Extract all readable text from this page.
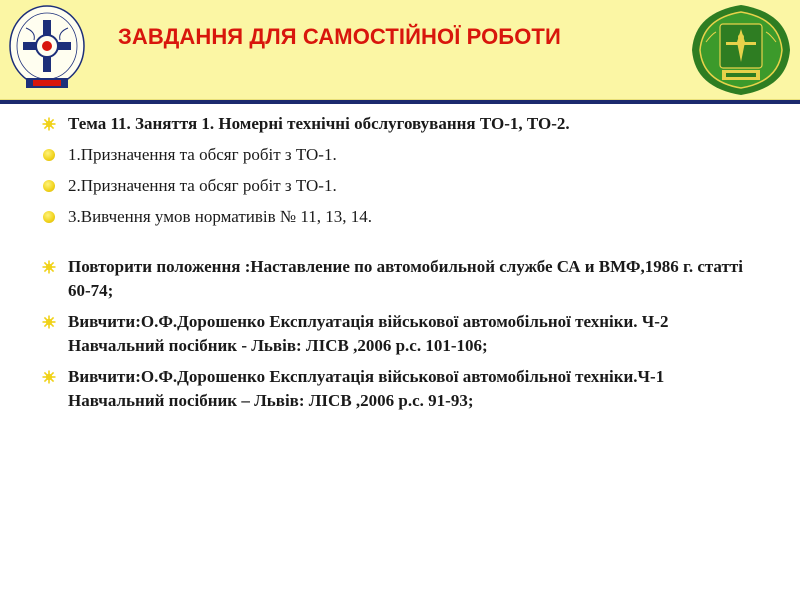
ЗАВДАННЯ ДЛЯ САМОСТІЙНОЇ РОБОТИ
Тема 11. Заняття 1. Номерні технічні обслуговування ТО-1, ТО-2.
1.Призначення та обсяг робіт з ТО-1.
2.Призначення та обсяг робіт з ТО-1.
3.Вивчення умов нормативів № 11, 13, 14.
Повторити положення :Наставление по автомобильной службе СА и ВМФ,1986 г. статті 60-74;
Вивчити:О.Ф.Дорошенко Експлуатація військової автомобільної техніки. Ч-2 Навчальний посібник - Львів: ЛІСВ ,2006 р.с. 101-106;
Вивчити:О.Ф.Дорошенко Експлуатація військової автомобільної техніки.Ч-1 Навчальний посібник – Львів: ЛІСВ ,2006 р.с. 91-93;
